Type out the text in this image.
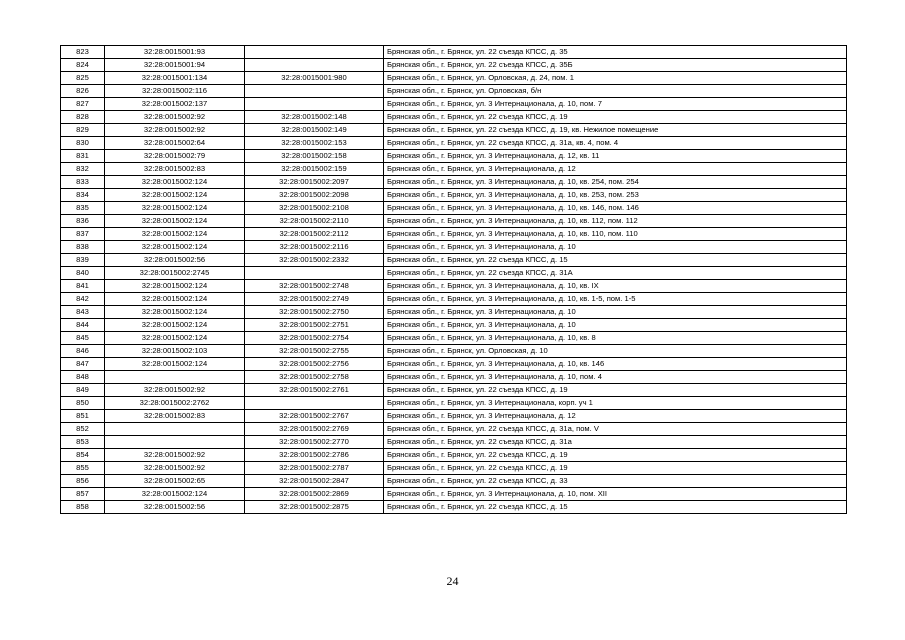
823	32:28:0015001:93		Брянская обл., г. Брянск, ул. 22 съезда КПСС, д. 35
824	32:28:0015001:94		Брянская обл., г. Брянск, ул. 22 съезда КПСС, д. 35Б
825	32:28:0015001:134	32:28:0015001:980	Брянская обл., г. Брянск, ул. Орловская, д. 24, пом. 1
826	32:28:0015002:116		Брянская обл., г. Брянск, ул. Орловская, б/н
827	32:28:0015002:137		Брянская обл., г. Брянск, ул. 3 Интернационала, д. 10, пом. 7
828	32:28:0015002:92	32:28:0015002:148	Брянская обл., г. Брянск, ул. 22 съезда КПСС, д. 19
829	32:28:0015002:92	32:28:0015002:149	Брянская обл., г. Брянск, ул. 22 съезда КПСС, д. 19, кв. Нежилое помещение
830	32:28:0015002:64	32:28:0015002:153	Брянская обл., г. Брянск, ул. 22 съезда КПСС, д. 31а, кв. 4, пом. 4
831	32:28:0015002:79	32:28:0015002:158	Брянская обл., г. Брянск, ул. 3 Интернационала, д. 12, кв. 11
832	32:28:0015002:83	32:28:0015002:159	Брянская обл., г. Брянск, ул. 3 Интернационала, д. 12
833	32:28:0015002:124	32:28:0015002:2097	Брянская обл., г. Брянск, ул. 3 Интернационала, д. 10, кв. 254, пом. 254
834	32:28:0015002:124	32:28:0015002:2098	Брянская обл., г. Брянск, ул. 3 Интернационала, д. 10, кв. 253, пом. 253
835	32:28:0015002:124	32:28:0015002:2108	Брянская обл., г. Брянск, ул. 3 Интернационала, д. 10, кв. 146, пом. 146
836	32:28:0015002:124	32:28:0015002:2110	Брянская обл., г. Брянск, ул. 3 Интернационала, д. 10, кв. 112, пом. 112
837	32:28:0015002:124	32:28:0015002:2112	Брянская обл., г. Брянск, ул. 3 Интернационала, д. 10, кв. 110, пом. 110
838	32:28:0015002:124	32:28:0015002:2116	Брянская обл., г. Брянск, ул. 3 Интернационала, д. 10
839	32:28:0015002:56	32:28:0015002:2332	Брянская обл., г. Брянск, ул. 22 съезда КПСС, д. 15
840	32:28:0015002:2745		Брянская обл., г. Брянск, ул. 22 съезда КПСС, д. 31А
841	32:28:0015002:124	32:28:0015002:2748	Брянская обл., г. Брянск, ул. 3 Интернационала, д. 10, кв. IX
842	32:28:0015002:124	32:28:0015002:2749	Брянская обл., г. Брянск, ул. 3 Интернационала, д. 10, кв. 1-5, пом. 1-5
843	32:28:0015002:124	32:28:0015002:2750	Брянская обл., г. Брянск, ул. 3 Интернационала, д. 10
844	32:28:0015002:124	32:28:0015002:2751	Брянская обл., г. Брянск, ул. 3 Интернационала, д. 10
845	32:28:0015002:124	32:28:0015002:2754	Брянская обл., г. Брянск, ул. 3 Интернационала, д. 10, кв. 8
846	32:28:0015002:103	32:28:0015002:2755	Брянская обл., г. Брянск, ул. Орловская, д. 10
847	32:28:0015002:124	32:28:0015002:2756	Брянская обл., г. Брянск, ул. 3 Интернационала, д. 10, кв. 146
848		32:28:0015002:2758	Брянская обл., г. Брянск, ул. 3 Интернационала, д. 10, пом. 4
849	32:28:0015002:92	32:28:0015002:2761	Брянская обл., г. Брянск, ул. 22 съезда КПСС, д. 19
850	32:28:0015002:2762		Брянская обл., г. Брянск, ул. 3 Интернационала, корп. уч 1
851	32:28:0015002:83	32:28:0015002:2767	Брянская обл., г. Брянск, ул. 3 Интернационала, д. 12
852		32:28:0015002:2769	Брянская обл., г. Брянск, ул. 22 съезда КПСС, д. 31а, пом. V
853		32:28:0015002:2770	Брянская обл., г. Брянск, ул. 22 съезда КПСС, д. 31а
854	32:28:0015002:92	32:28:0015002:2786	Брянская обл., г. Брянск, ул. 22 съезда КПСС, д. 19
855	32:28:0015002:92	32:28:0015002:2787	Брянская обл., г. Брянск, ул. 22 съезда КПСС, д. 19
856	32:28:0015002:65	32:28:0015002:2847	Брянская обл., г. Брянск, ул. 22 съезда КПСС, д. 33
857	32:28:0015002:124	32:28:0015002:2869	Брянская обл., г. Брянск, ул. 3 Интернационала, д. 10, пом. XII
858	32:28:0015002:56	32:28:0015002:2875	Брянская обл., г. Брянск, ул. 22 съезда КПСС, д. 15
24
